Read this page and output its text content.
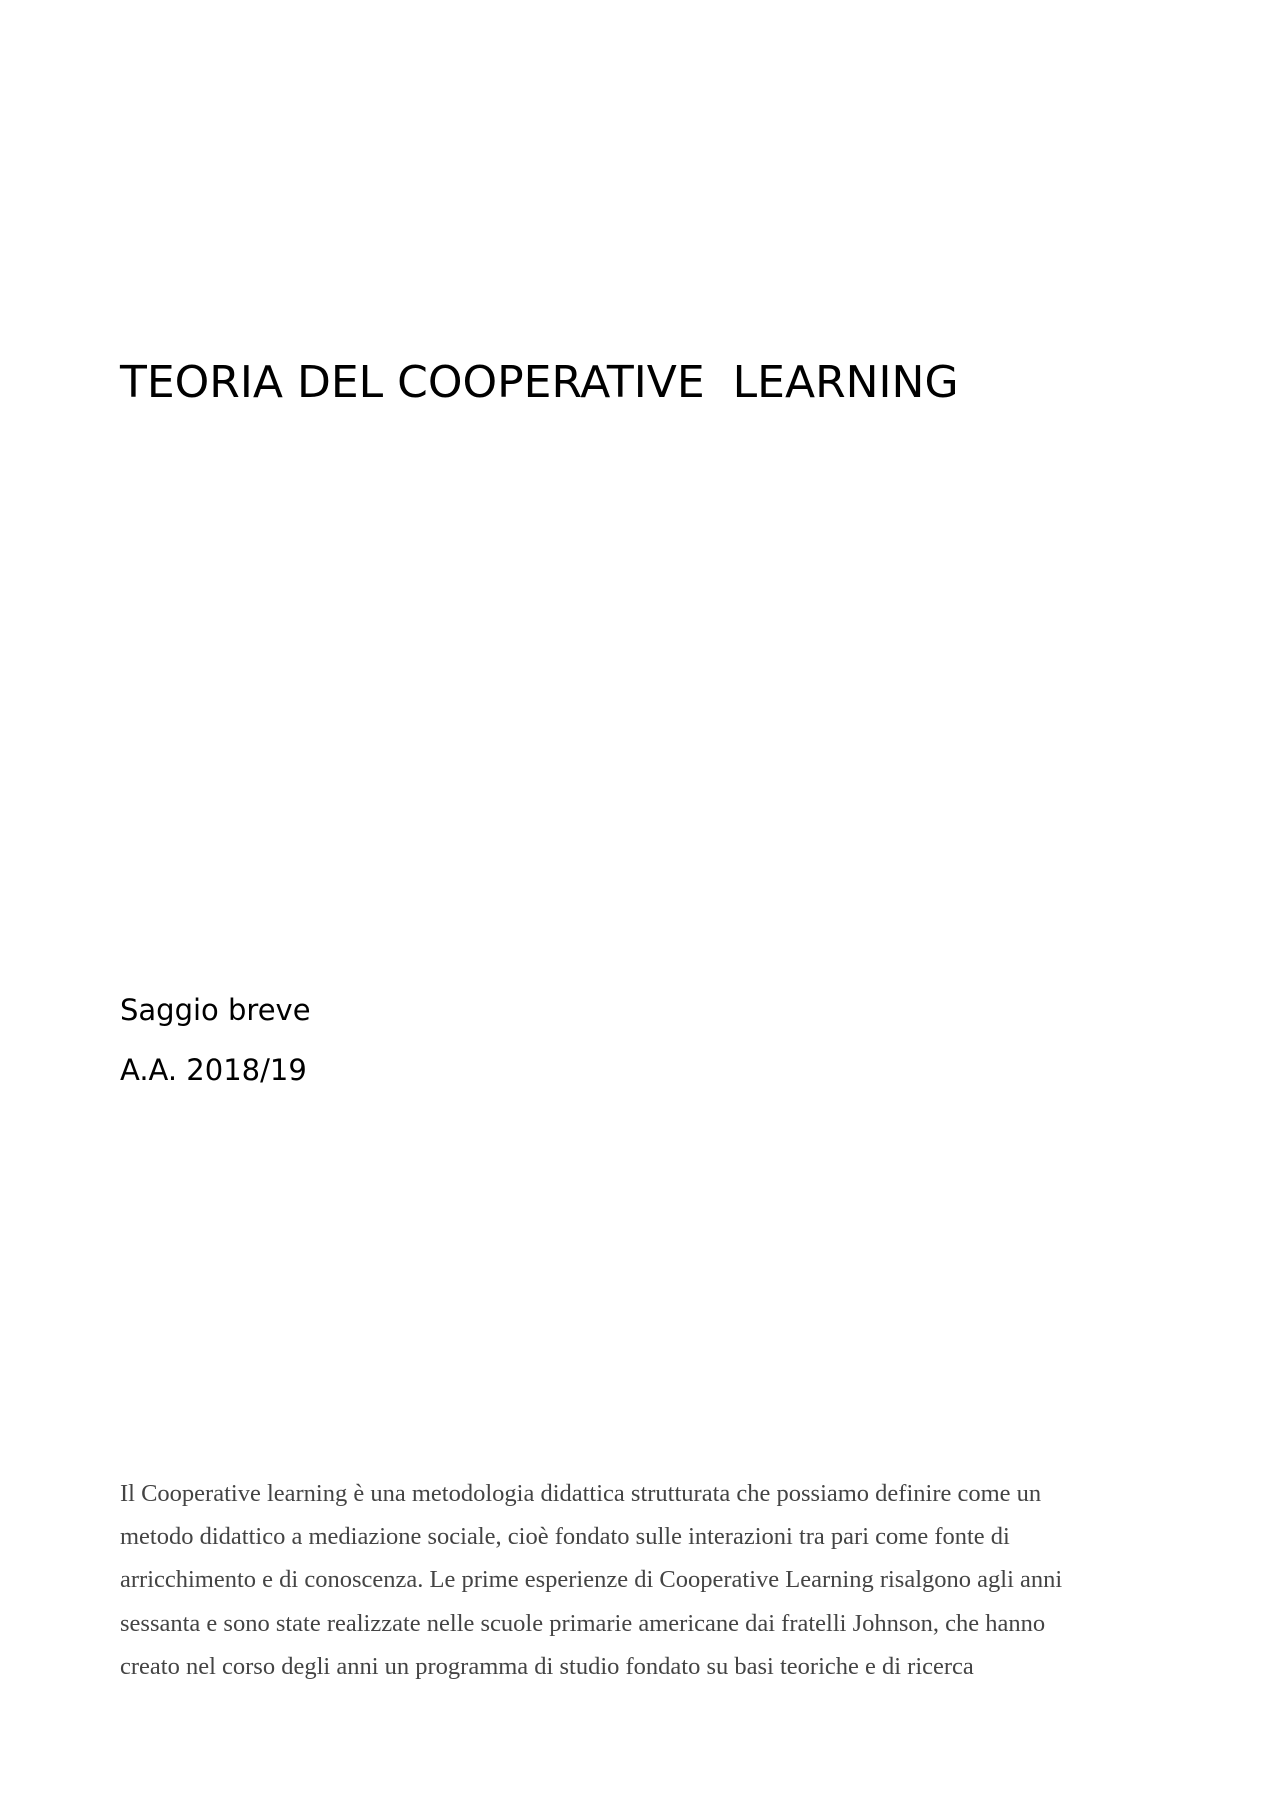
TEORIA DEL COOPERATIVE  LEARNING
Saggio breve
A.A. 2018/19
Il Cooperative learning è una metodologia didattica strutturata che possiamo definire come un
metodo didattico a mediazione sociale, cioè fondato sulle interazioni tra pari come fonte di
arricchimento e di conoscenza. Le prime esperienze di Cooperative Learning risalgono agli anni
sessanta e sono state realizzate nelle scuole primarie americane dai fratelli Johnson, che hanno
creato nel corso degli anni un programma di studio fondato su basi teoriche e di ricerca
